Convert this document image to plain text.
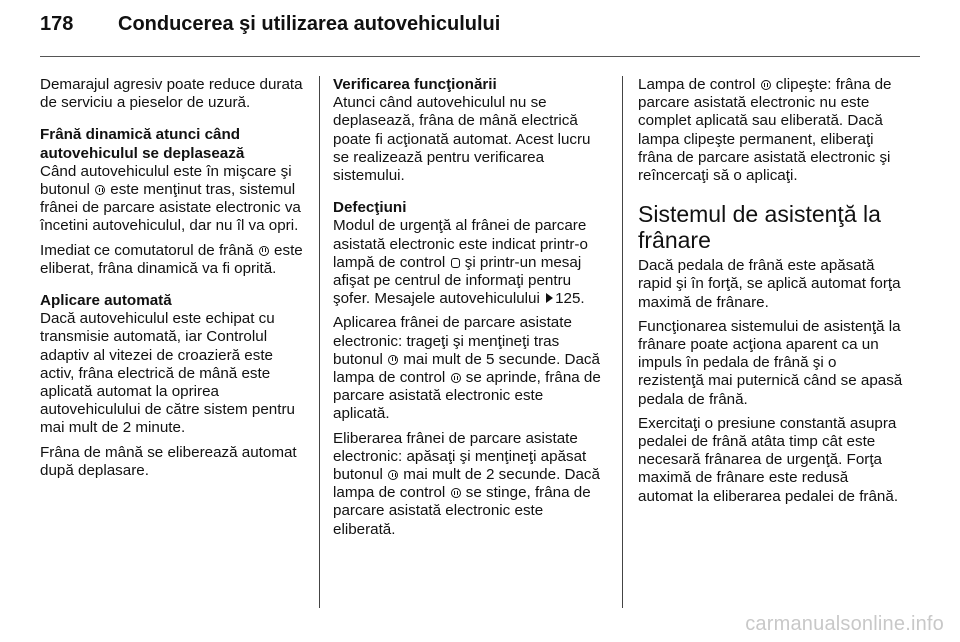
178 Conducerea şi utilizarea autovehiculului

Demarajul agresiv poate reduce durata de serviciu a pieselor de uzură.

Frână dinamică atunci când autovehiculul se deplasează

Când autovehiculul este în mişcare şi butonul  este menţinut tras, sistemul frânei de parcare asistate electronic va încetini autovehiculul, dar nu îl va opri.

Imediat ce comutatorul de frână  este eliberat, frâna dinamică va fi oprită.

Aplicare automată

Dacă autovehiculul este echipat cu transmisie automată, iar Controlul adaptiv al vitezei de croazieră este activ, frâna electrică de mână este aplicată automat la oprirea autovehiculului de către sistem pentru mai mult de 2 minute.

Frâna de mână se eliberează automat după deplasare.

Verificarea funcţionării

Atunci când autovehiculul nu se deplasează, frâna de mână electrică poate fi acţionată automat. Acest lucru se realizează pentru verificarea sistemului.

Defecţiuni

Modul de urgenţă al frânei de parcare asistată electronic este indicat printr-o lampă de control  şi printr-un mesaj afişat pe centrul de informaţi pentru şofer. Mesajele autovehiculului 125.

Aplicarea frânei de parcare asistate electronic: trageţi şi menţineţi tras butonul  mai mult de 5 secunde. Dacă lampa de control  se aprinde, frâna de parcare asistată electronic este aplicată.

Eliberarea frânei de parcare asistate electronic: apăsaţi şi menţineţi apăsat butonul  mai mult de 2 secunde. Dacă lampa de control  se stinge, frâna de parcare asistată electronic este eliberată.

Lampa de control  clipeşte: frâna de parcare asistată electronic nu este complet aplicată sau eliberată. Dacă lampa clipeşte permanent, eliberaţi frâna de parcare asistată electronic şi reîncercaţi să o aplicaţi.

Sistemul de asistenţă la frânare

Dacă pedala de frână este apăsată rapid şi în forţă, se aplică automat forţa maximă de frânare.

Funcţionarea sistemului de asistenţă la frânare poate acţiona aparent ca un impuls în pedala de frână şi o rezistenţă mai puternică când se apasă pedala de frână.

Exercitaţi o presiune constantă asupra pedalei de frână atâta timp cât este necesară frânarea de urgenţă. Forţa maximă de frânare este redusă automat la eliberarea pedalei de frână.

carmanualsonline.info
